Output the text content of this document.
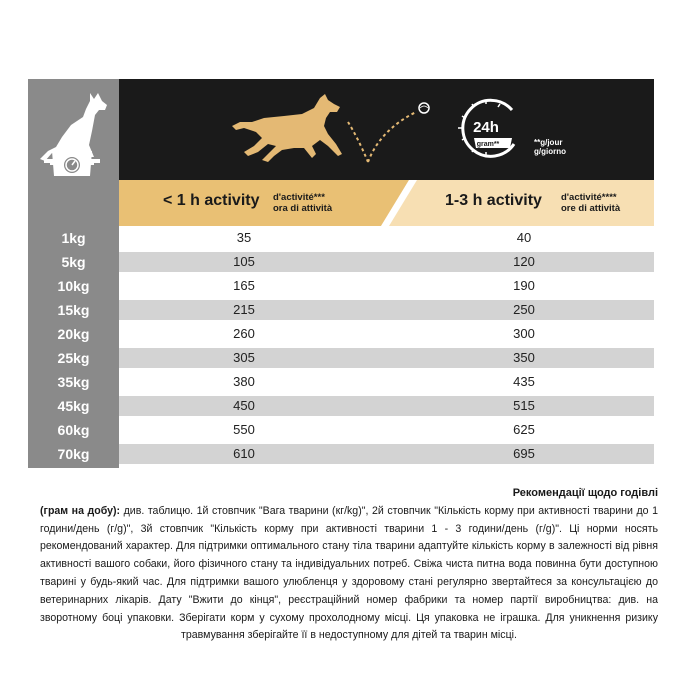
24h
gram**	**g/jour
g/giorno
< 1 h activity d'activité***
ora di attività	1-3 h activity d'activité****
ore di attività
1kg	35	40
5kg	105	120
10kg	165	190
15kg	215	250
20kg	260	300
25kg	305	350
35kg	380	435
45kg	450	515
60kg	550	625
70kg	610	695
Рекомендації щодо годівлі
(грам на добу): див. таблицю. 1й стовпчик "Вага тварини (кг/kg)", 2й стовпчик "Кількість корму при активності тварини до 1 години/день (г/g)", 3й стовпчик "Кількість корму при активності тварини 1 - 3 години/день (г/g)". Ці норми носять рекомендований характер. Для підтримки оптимального стану тіла тварини адаптуйте кількість корму в залежності від рівня активності вашого собаки, його фізичного стану та індивідуальних потреб. Свіжа чиста питна вода повинна бути доступною тварині у будь-який час. Для підтримки вашого улюбленця у здоровому стані регулярно звертайтеся за консультацією до ветеринарних лікарів. Дату "Вжити до кінця", реєстраційний номер фабрики та номер партії виробництва: див. на зворотному боці упаковки. Зберігати корм у сухому прохолодному місці. Ця упаковка не іграшка. Для уникнення ризику травмування зберігайте її в недоступному для дітей та тварин місці.
